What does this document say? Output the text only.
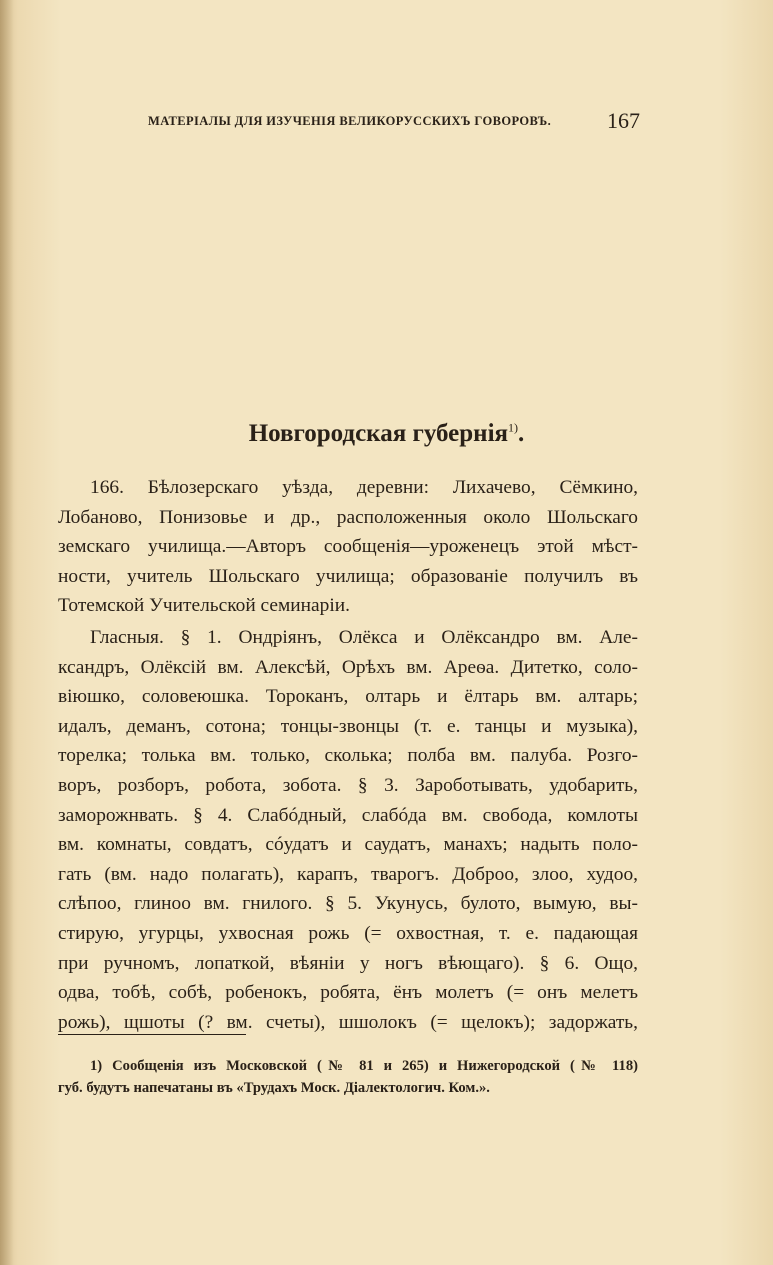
МАТЕРІАЛЫ ДЛЯ ИЗУЧЕНІЯ ВЕЛИКОРУССКИХЪ ГОВОРОВЪ.	167
Новгородская губернія$^{1)}$.
166. Бѣлозерскаго уѣзда, деревни: Лихачево, Сёмкино,
Лобаново, Понизовье и др., расположенныя около Шольскаго
земскаго училища.—Авторъ сообщенія—уроженецъ этой мѣст-
ности, учитель Шольскаго училища; образованіе получилъ въ
Тотемской Учительской семинаріи.
Гласныя. § 1. Ондріянъ, Олёкса и Олёксандро вм. Але-
ксандръ, Олёксій вм. Алексѣй, Орѣхъ вм. Ареѳа. Дитетко, соло-
віюшко, соловеюшка. Тороканъ, олтарь и ёлтарь вм. алтарь;
идалъ, деманъ, сотона; тонцы-звонцы (т. е. танцы и музыка),
торелка; толька вм. только, сколька; полба вм. палуба. Розго-
воръ, розборъ, робота, зобота. § 3. Зароботывать, удобарить,
заморожнвать. § 4. Слабóдный, слабóда вм. свобода, комлоты
вм. комнаты, совдатъ, сóудатъ и саудатъ, манахъ; надыть поло-
гать (вм. надо полагать), карапъ, тварогъ. Доброо, злоо, худоо,
слѣпоо, глиноо вм. гнилого. § 5. Укунусь, булото, вымую, вы-
стирую, угурцы, ухвосная рожь (= охвостная, т. е. падающая
при ручномъ, лопаткой, вѣяніи у ногъ вѣющаго). § 6. Ощо,
одва, тобѣ, собѣ, робенокъ, робята, ёнъ молетъ (= онъ мелетъ
рожь), щшоты (? вм. счеты), шшолокъ (= щелокъ); задоржать,
1) Сообщенія изъ Московской (№ 81 и 265) и Нижегородской (№ 118)
губ. будутъ напечатаны въ «Трудахъ Моск. Діалектологич. Ком.».
